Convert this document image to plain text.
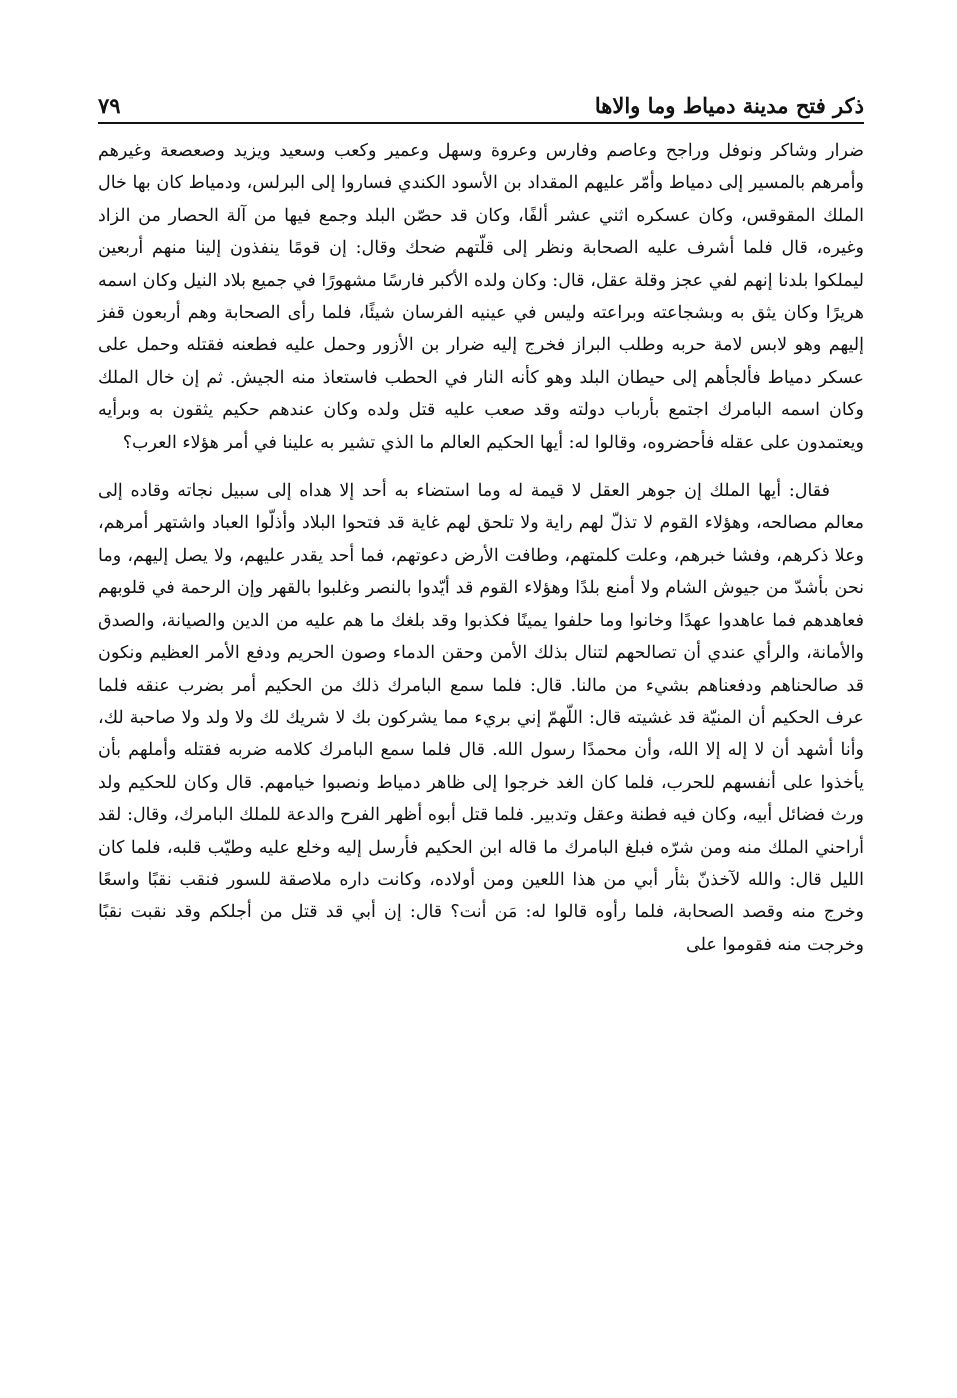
٧٩	ذكر فتح مدينة دمياط وما والاها

ضرار وشاكر ونوفل وراجح وعاصم وفارس وعروة وسهل وعمير وكعب وسعيد ويزيد وصعصعة وغيرهم وأمرهم بالمسير إلى دمياط وأمّر عليهم المقداد بن الأسود الكندي فساروا إلى البرلس، ودمياط كان بها خال الملك المقوقس، وكان عسكره اثني عشر ألفًا، وكان قد حصّن البلد وجمع فيها من آلة الحصار من الزاد وغيره، قال فلما أشرف عليه الصحابة ونظر إلى قلّتهم ضحك وقال: إن قومًا ينفذون إلينا منهم أربعين ليملكوا بلدنا إنهم لفي عجز وقلة عقل، قال: وكان ولده الأكبر فارسًا مشهورًا في جميع بلاد النيل وكان اسمه هريرًا وكان يثق به وبشجاعته وبراعته وليس في عينيه الفرسان شيئًا، فلما رأى الصحابة وهم أربعون قفز إليهم وهو لابس لامة حربه وطلب البراز فخرج إليه ضرار بن الأزور وحمل عليه فطعنه فقتله وحمل على عسكر دمياط فألجأهم إلى حيطان البلد وهو كأنه النار في الحطب فاستعاذ منه الجيش. ثم إن خال الملك وكان اسمه البامرك اجتمع بأرباب دولته وقد صعب عليه قتل ولده وكان عندهم حكيم يثقون به وبرأيه ويعتمدون على عقله فأحضروه، وقالوا له: أيها الحكيم العالم ما الذي تشير به علينا في أمر هؤلاء العرب؟

فقال: أيها الملك إن جوهر العقل لا قيمة له وما استضاء به أحد إلا هداه إلى سبيل نجاته وقاده إلى معالم مصالحه، وهؤلاء القوم لا تذلّ لهم راية ولا تلحق لهم غاية قد فتحوا البلاد وأذلّوا العباد واشتهر أمرهم، وعلا ذكرهم، وفشا خبرهم، وعلت كلمتهم، وطافت الأرض دعوتهم، فما أحد يقدر عليهم، ولا يصل إليهم، وما نحن بأشدّ من جيوش الشام ولا أمنع بلدًا وهؤلاء القوم قد أيّدوا بالنصر وغلبوا بالقهر وإن الرحمة في قلوبهم فعاهدهم فما عاهدوا عهدًا وخانوا وما حلفوا يمينًا فكذبوا وقد بلغك ما هم عليه من الدين والصيانة، والصدق والأمانة، والرأي عندي أن تصالحهم لتنال بذلك الأمن وحقن الدماء وصون الحريم ودفع الأمر العظيم ونكون قد صالحناهم ودفعناهم بشيء من مالنا. قال: فلما سمع البامرك ذلك من الحكيم أمر بضرب عنقه فلما عرف الحكيم أن المنيّة قد غشيته قال: اللّهمّ إني بريء مما يشركون بك لا شريك لك ولا ولد ولا صاحبة لك، وأنا أشهد أن لا إله إلا الله، وأن محمدًا رسول الله. قال فلما سمع البامرك كلامه ضربه فقتله وأملهم بأن يأخذوا على أنفسهم للحرب، فلما كان الغد خرجوا إلى ظاهر دمياط ونصبوا خيامهم. قال وكان للحكيم ولد ورث فضائل أبيه، وكان فيه فطنة وعقل وتدبير. فلما قتل أبوه أظهر الفرح والدعة للملك البامرك، وقال: لقد أراحني الملك منه ومن شرّه فبلغ البامرك ما قاله ابن الحكيم فأرسل إليه وخلع عليه وطيّب قلبه، فلما كان الليل قال: والله لآخذنّ بثأر أبي من هذا اللعين ومن أولاده، وكانت داره ملاصقة للسور فنقب نقبًا واسعًا وخرج منه وقصد الصحابة، فلما رأوه قالوا له: مَن أنت؟ قال: إن أبي قد قتل من أجلكم وقد نقبت نقبًا وخرجت منه فقوموا على
